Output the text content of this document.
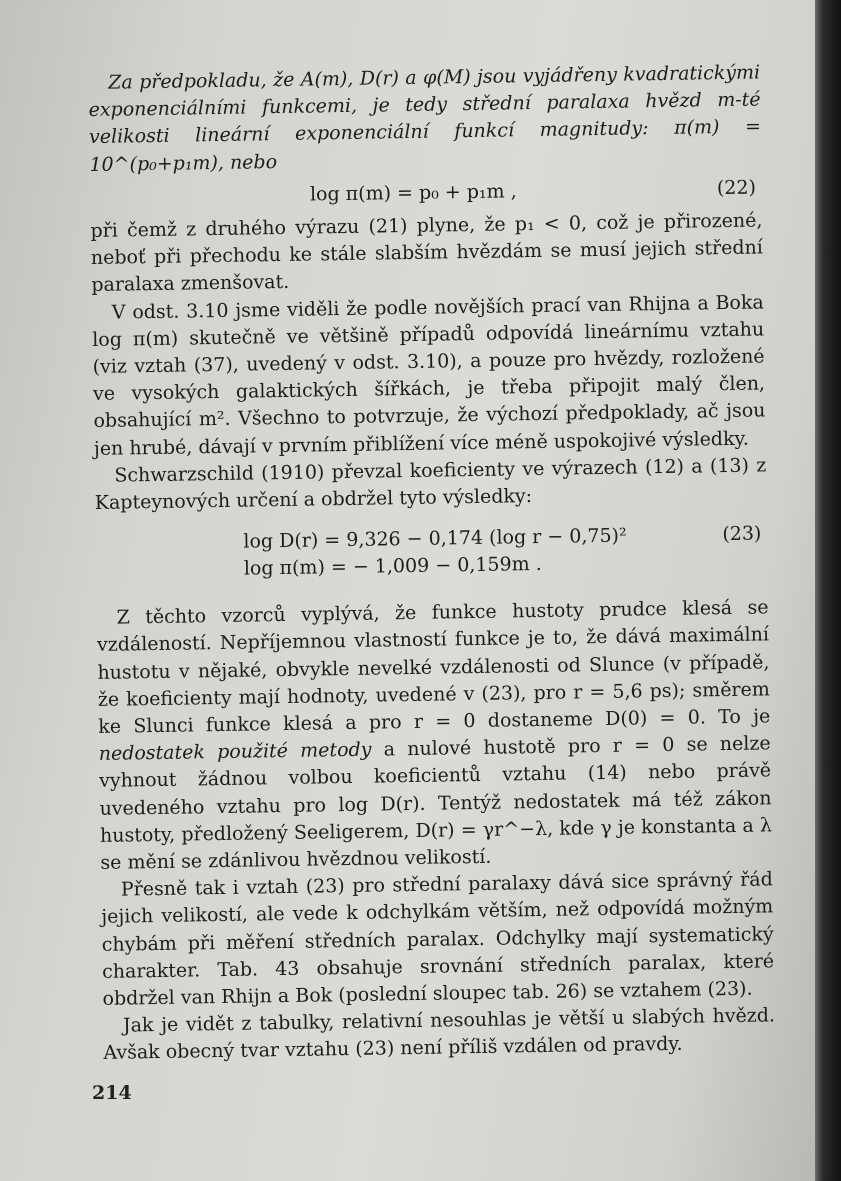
Za předpokladu, že A(m), D(r) a φ(M) jsou vyjádřeny kvadratickými exponenciálními funkcemi, je tedy střední paralaxa hvězd m-té velikosti lineární exponenciální funkcí magnitudy: π(m) = 10^(p₀+p₁m), nebo

log π(m) = p₀ + p₁m ,	(22)

při čemž z druhého výrazu (21) plyne, že p₁ < 0, což je přirozené, neboť při přechodu ke stále slabším hvězdám se musí jejich střední paralaxa zmenšovat.

V odst. 3.10 jsme viděli že podle novějších prací van Rhijna a Boka log π(m) skutečně ve většině případů odpovídá lineárnímu vztahu (viz vztah (37), uvedený v odst. 3.10), a pouze pro hvězdy, rozložené ve vysokých galaktických šířkách, je třeba připojit malý člen, obsahující m². Všechno to potvrzuje, že výchozí předpoklady, ač jsou jen hrubé, dávají v prvním přiblížení více méně uspokojivé výsledky.

Schwarzschild (1910) převzal koeficienty ve výrazech (12) a (13) z Kapteynových určení a obdržel tyto výsledky:

log D(r) = 9,326 − 0,174 (log r − 0,75)²
log π(m) = − 1,009 − 0,159m .
(23)

Z těchto vzorců vyplývá, že funkce hustoty prudce klesá se vzdáleností. Nepříjemnou vlastností funkce je to, že dává maximální hustotu v nějaké, obvykle nevelké vzdálenosti od Slunce (v případě, že koeficienty mají hodnoty, uvedené v (23), pro r = 5,6 ps); směrem ke Slunci funkce klesá a pro r = 0 dostaneme D(0) = 0. To je nedostatek použité metody a nulové hustotě pro r = 0 se nelze vyhnout žádnou volbou koeficientů vztahu (14) nebo právě uvedeného vztahu pro log D(r). Tentýž nedostatek má též zákon hustoty, předložený Seeligerem, D(r) = γr^−λ, kde γ je konstanta a λ se mění se zdánlivou hvězdnou velikostí.

Přesně tak i vztah (23) pro střední paralaxy dává sice správný řád jejich velikostí, ale vede k odchylkám větším, než odpovídá možným chybám při měření středních paralax. Odchylky mají systematický charakter. Tab. 43 obsahuje srovnání středních paralax, které obdržel van Rhijn a Bok (poslední sloupec tab. 26) se vztahem (23).

Jak je vidět z tabulky, relativní nesouhlas je větší u slabých hvězd. Avšak obecný tvar vztahu (23) není příliš vzdálen od pravdy.

214
